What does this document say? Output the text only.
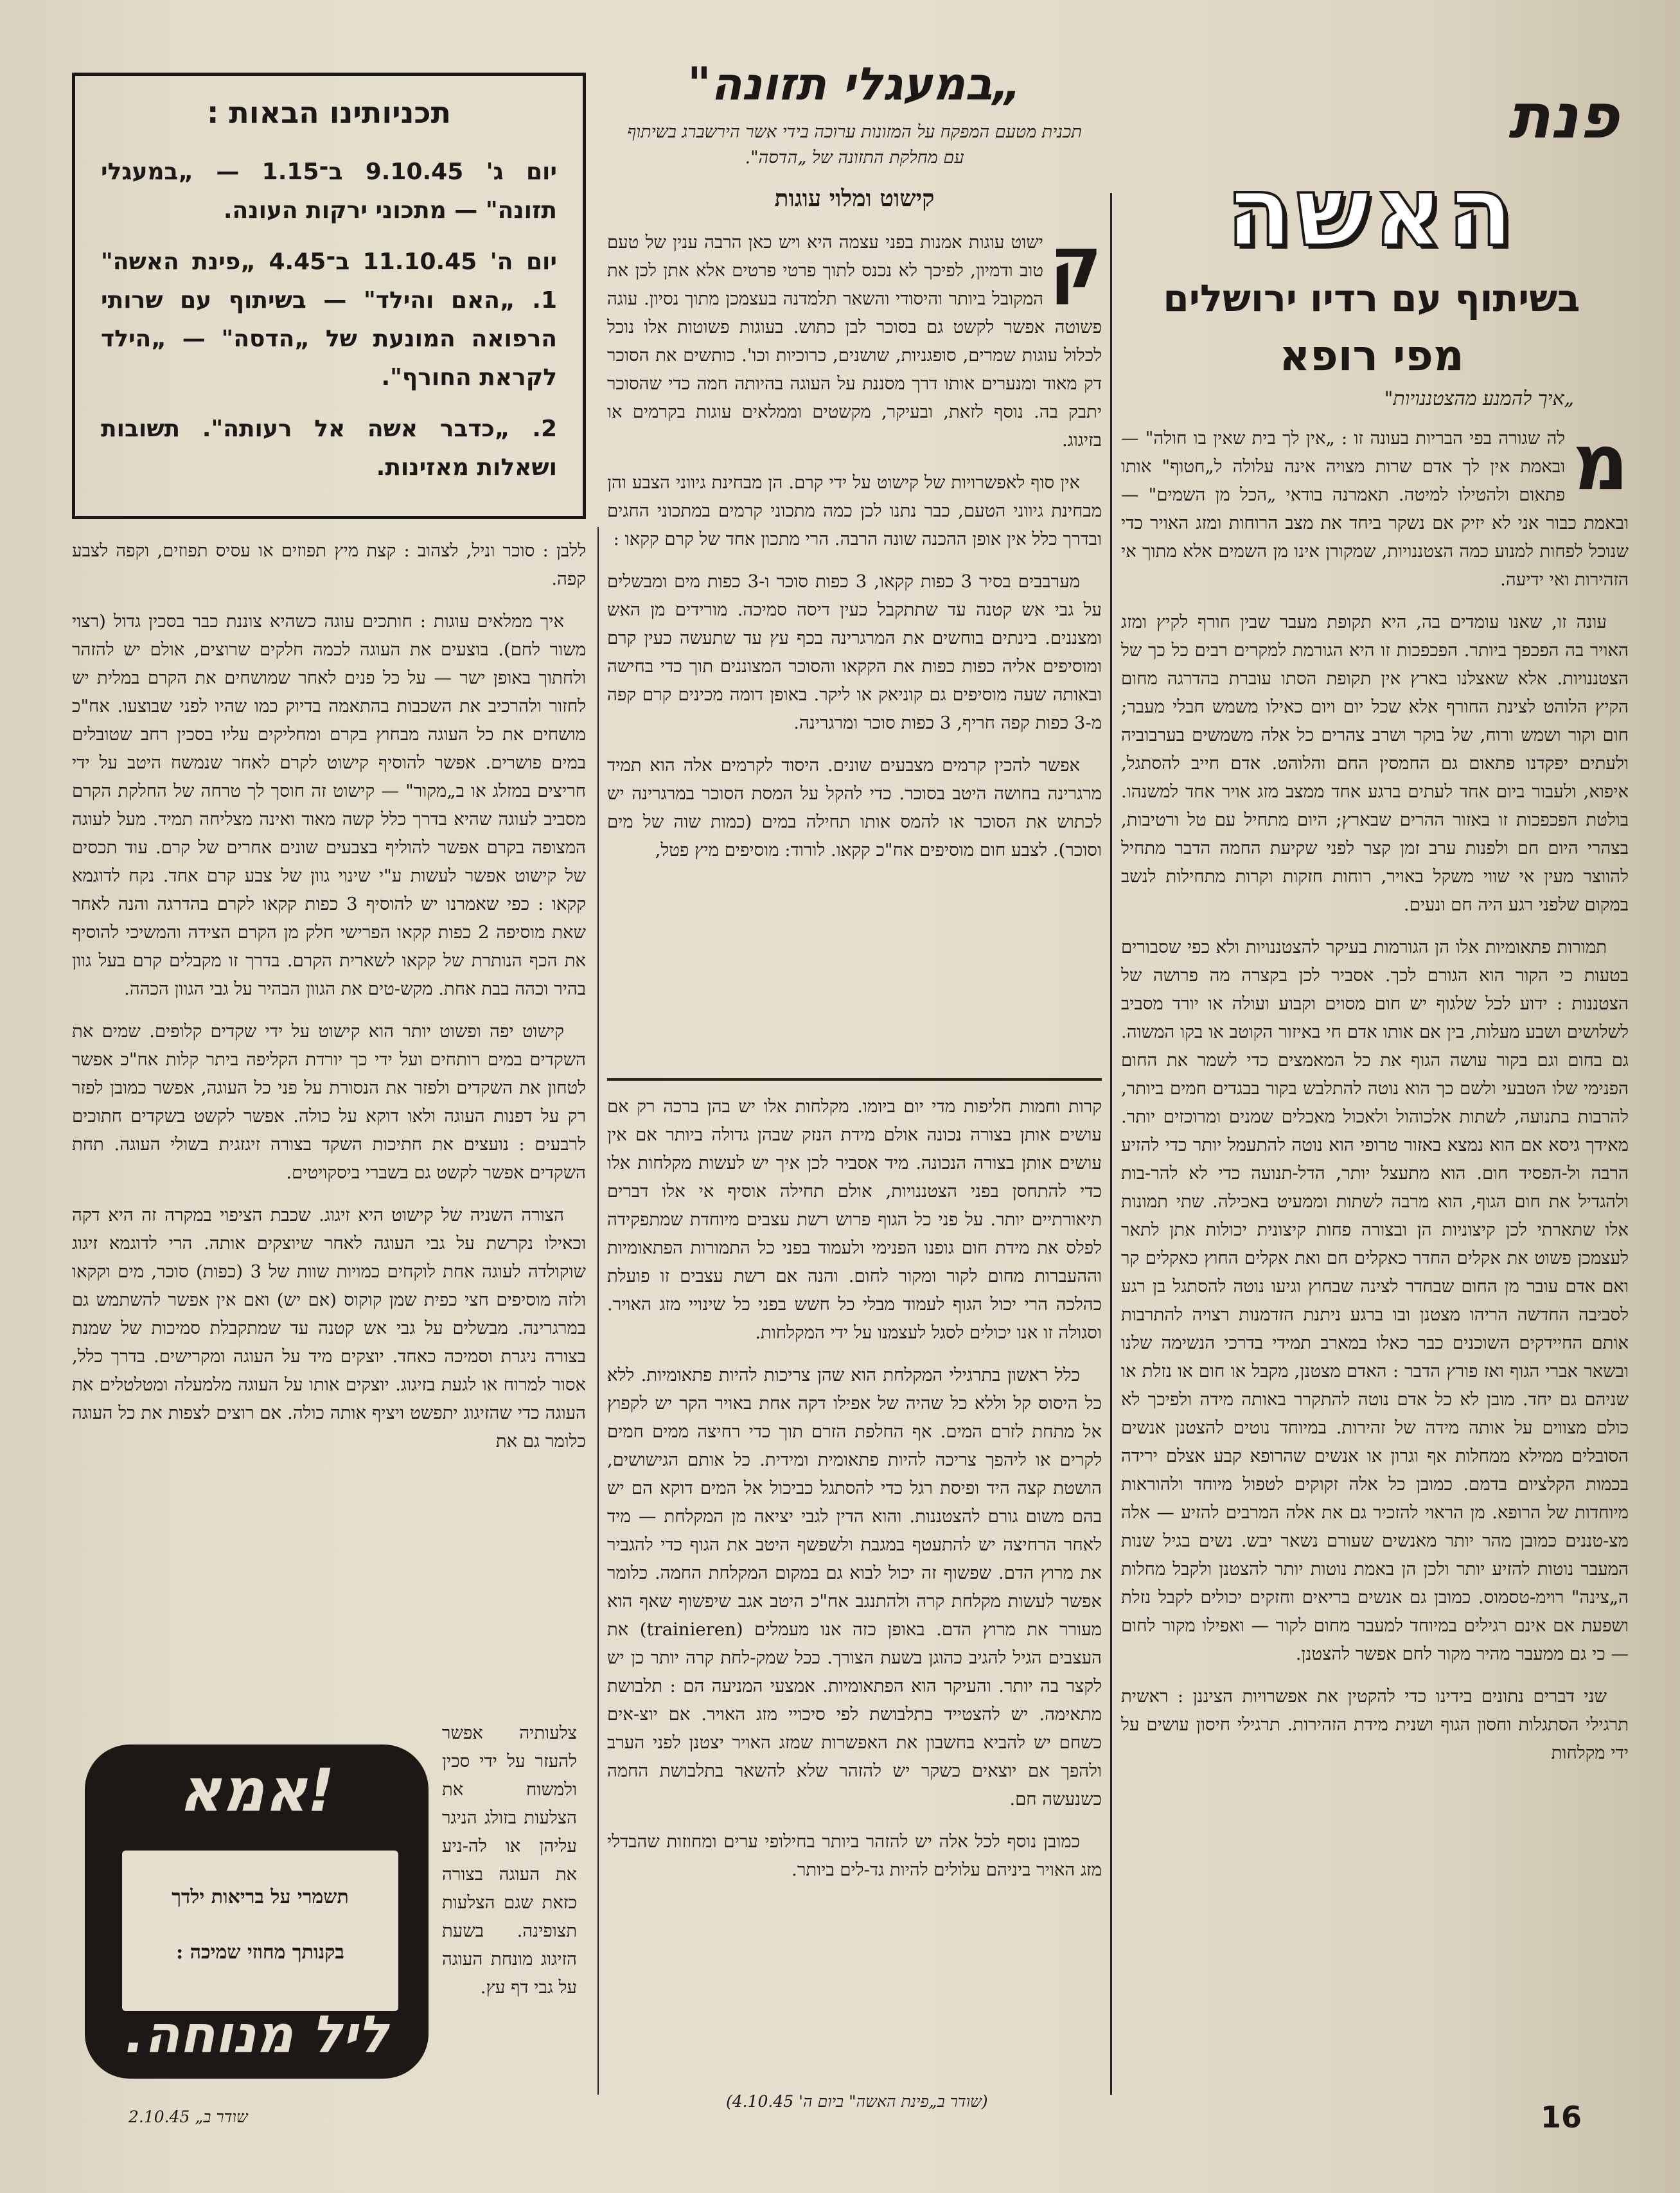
פנת
האשה
בשיתוף עם רדיו ירושלים
מפי רופא
„איך להמנע מהצטננויות"
מ

לה שגורה בפי הבריות בעונה זו : „אין לך בית שאין בו חולה" — ובאמת אין לך אדם שרות מצויה אינה עלולה ל„חטוף" אותו פתאום ולהטילו למיטה. תאמרנה בודאי „הכל מן השמים" — ובאמת כבור אני לא יזיק אם נשקר ביחד את מצב הרוחות ומזג האויר כדי שנוכל לפחות למנוע כמה הצטננויות, שמקורן אינו מן השמים אלא מתוך אי הזהירות ואי ידיעה.

עונה זו, שאנו עומדים בה, היא תקופת מעבר שבין חורף לקיץ ומזג האויר בה הפכפך ביותר. הפכפכות זו היא הגורמת למקרים רבים כל כך של הצטננויות. אלא שאצלנו בארץ אין תקופת הסתו עוברת בהדרגה מחום הקיץ הלוהט לצינת החורף אלא שכל יום ויום כאילו משמש חבלי מעבר; חום וקור ושמש ורוח, של בוקר ושרב צהרים כל אלה משמשים בערבוביה ולעתים יפקדנו פתאום גם החמסין החם והלוהט. אדם חייב להסתגל, איפוא, ולעבור ביום אחד לעתים ברגע אחד ממצב מזג אויר אחד למשנהו. בולטת הפכפכות זו באזור ההרים שבארץ; היום מתחיל עם טל ורטיבות, בצהרי היום חם ולפנות ערב זמן קצר לפני שקיעת החמה הדבר מתחיל להווצר מעין אי שווי משקל באויר, רוחות חזקות וקרות מתחילות לנשב במקום שלפני רגע היה חם ונעים.

תמורות פתאומיות אלו הן הגורמות בעיקר להצטננויות ולא כפי שסבורים בטעות כי הקור הוא הגורם לכך. אסביר לכן בקצרה מה פרושה של הצטננות : ידוע לכל שלגוף יש חום מסוים וקבוע ועולה או יורד מסביב לשלושים ושבע מעלות, בין אם אותו אדם חי באיזור הקוטב או בקו המשוה. גם בחום וגם בקור עושה הגוף את כל המאמצים כדי לשמר את החום הפנימי שלו הטבעי ולשם כך הוא נוטה להתלבש בקור בבגדים חמים ביותר, להרבות בתנועה, לשתות אלכוהול ולאכול מאכלים שמנים ומרוכזים יותר. מאידך גיסא אם הוא נמצא באזור טרופי הוא נוטה להתעמל יותר כדי להזיע הרבה ול-הפסיד חום. הוא מתעצל יותר, הדל-תנועה כדי לא להר-בות ולהגדיל את חום הגוף, הוא מרבה לשתות וממעיט באכילה. שתי תמונות אלו שתארתי לכן קיצוניות הן ובצורה פחות קיצונית יכולות אתן לתאר לעצמכן פשוט את אקלים החדר כאקלים חם ואת אקלים החוץ כאקלים קר ואם אדם עובר מן החום שבחדר לצינה שבחוץ וגיעו נוטה להסתגל בן רגע לסביבה החדשה הריהו מצטנן ובו ברגע ניתנת הזדמנות רצויה להתרבות אותם החיידקים השוכנים כבר כאלו במארב תמידי בדרכי הנשימה שלנו ובשאר אברי הגוף ואז פורץ הדבר : האדם מצטנן, מקבל או חום או נזלת או שניהם גם יחד. מובן לא כל אדם נוטה להתקרר באותה מידה ולפיכך לא כולם מצווים על אותה מידה של זהירות. במיוחד נוטים להצטנן אנשים הסובלים ממילא ממחלות אף וגרון או אנשים שהרופא קבע אצלם ירידה בכמות הקלציום בדמם. כמובן כל אלה זקוקים לטפול מיוחד ולהוראות מיוחדות של הרופא. מן הראוי להזכיר גם את אלה המרבים להזיע — אלה מצ-טננים כמובן מהר יותר מאנשים שעורם נשאר יבש. נשים בגיל שנות המעבר נוטות להזיע יותר ולכן הן באמת נוטות יותר להצטנן ולקבל מחלות ה„צינה" רוימ-טסמוס. כמובן גם אנשים בריאים וחזקים יכולים לקבל נזלת ושפעת אם אינם רגילים במיוחד למעבר מחום לקור — ואפילו מקור לחום — כי גם ממעבר מהיר מקור לחם אפשר להצטנן.

שני דברים נתונים בידינו כדי להקטין את אפשרויות הציננן : ראשית תרגילי הסתגלות וחסון הגוף ושנית מידת הזהירות. תרגילי חיסון עושים על ידי מקלחות

„במעגלי תזונה"
תכנית מטעם המפקח על המזונות ערוכה בידי אשר הירשברג בשיתוף עם מחלקת התזונה של „הדסה".
קישוט ומלוי עוגות
ק

ישוט עוגות אמנות בפני עצמה היא ויש כאן הרבה ענין של טעם טוב ודמיון, לפיכך לא נכנס לתוך פרטי פרטים אלא אתן לכן את המקובל ביותר והיסודי והשאר תלמדנה בעצמכן מתוך נסיון. עוגה פשוטה אפשר לקשט גם בסוכר לבן כתוש. בעוגות פשוטות אלו נוכל לכלול עוגות שמרים, סופגניות, שושנים, כרוכיות וכו'. כותשים את הסוכר דק מאוד ומנערים אותו דרך מסננת על העוגה בהיותה חמה כדי שהסוכר יתבק בה. נוסף לזאת, ובעיקר, מקשטים וממלאים עוגות בקרמים או בזיגוג.

אין סוף לאפשרויות של קישוט על ידי קרם. הן מבחינת גיווני הצבע והן מבחינת גיווני הטעם, כבר נתנו לכן כמה מתכוני קרמים במתכוני החגים ובדרך כלל אין אופן ההכנה שונה הרבה. הרי מתכון אחד של קרם קקאו :

מערבבים בסיר 3 כפות קקאו, 3 כפות סוכר ו-3 כפות מים ומבשלים על גבי אש קטנה עד שתתקבל כעין דיסה סמיכה. מורידים מן האש ומצננים. בינתים בוחשים את המרגרינה בכף עץ עד שתעשה כעין קרם ומוסיפים אליה כפות כפות את הקקאו והסוכר המצוננים תוך כדי בחישה ובאותה שעה מוסיפים גם קוניאק או ליקר. באופן דומה מכינים קרם קפה מ-3 כפות קפה חריף, 3 כפות סוכר ומרגרינה.

אפשר להכין קרמים מצבעים שונים. היסוד לקרמים אלה הוא תמיד מרגרינה בחושה היטב בסוכר. כדי להקל על המסת הסוכר במרגרינה יש לכתוש את הסוכר או להמס אותו תחילה במים (כמות שוה של מים וסוכר). לצבע חום מוסיפים אח"כ קקאו. לורוד: מוסיפים מיץ פטל,

קרות וחמות חליפות מדי יום ביומו. מקלחות אלו יש בהן ברכה רק אם עושים אותן בצורה נכונה אולם מידת הנזק שבהן גדולה ביותר אם אין עושים אותן בצורה הנכונה. מיד אסביר לכן איך יש לעשות מקלחות אלו כדי להתחסן בפני הצטננויות, אולם תחילה אוסיף אי אלו דברים תיאורתיים יותר. על פני כל הגוף פרוש רשת עצבים מיוחדת שמתפקידה לפלס את מידת חום גופנו הפנימי ולעמוד בפני כל התמורות הפתאומיות וההעברות מחום לקור ומקור לחום. והנה אם רשת עצבים זו פועלת כהלכה הרי יכול הגוף לעמוד מבלי כל חשש בפני כל שינויי מזג האויר. וסגולה זו אנו יכולים לסגל לעצמנו על ידי המקלחות.

כלל ראשון בתרגילי המקלחת הוא שהן צריכות להיות פתאומיות. ללא כל היסוס קל וללא כל שהיה של אפילו דקה אחת באויר הקר יש לקפוץ אל מתחת לזרם המים. אף החלפת הזרם תוך כדי רחיצה ממים חמים לקרים או ליהפך צריכה להיות פתאומית ומידית. כל אותם הגישושים, הושטת קצה היד ופיסת רגל כדי להסתגל כביכול אל המים דוקא הם יש בהם משום גורם להצטננות. והוא הדין לגבי יציאה מן המקלחת — מיד לאחר הרחיצה יש להתעטף במגבת ולשפשף היטב את הגוף כדי להגביר את מרוץ הדם. שפשוף זה יכול לבוא גם במקום המקלחת החמה. כלומר אפשר לעשות מקלחת קרה ולהתנגב אח"כ היטב אגב שיפשוף שאף הוא מעורר את מרוץ הדם. באופן כזה אנו מעמלים (trainieren) את העצבים הגיל להגיב כהוגן בשעת הצורך. ככל שמק-לחת קרה יותר כן יש לקצר בה יותר. והעיקר הוא הפתאומיות. אמצעי המניעה הם : תלבושת מתאימה. יש להצטייד בתלבושת לפי סיכויי מזג האויר. אם יוצ-אים כשחם יש להביא בחשבון את האפשרות שמזג האויר יצטנן לפני הערב ולהפך אם יוצאים כשקר יש להזהר שלא להשאר בתלבושת החמה כשנעשה חם.

כמובן נוסף לכל אלה יש להזהר ביותר בחילופי ערים ומחוזות שהבדלי מזג האויר ביניהם עלולים להיות גד-לים ביותר.

(שודר ב„פינת האשה" ביום ה' 4.10.45)
תכניותינו הבאות :
יום ג' 9.10.45 ב־1.15 — „במעגלי תזונה" — מתכוני ירקות העונה.
יום ה' 11.10.45 ב־4.45 „פינת האשה" 1. „האם והילד" — בשיתוף עם שרותי הרפואה המונעת של „הדסה" — „הילד לקראת החורף".
2. „כדבר אשה אל רעותה". תשובות ושאלות מאזינות.

ללבן : סוכר וניל, לצהוב : קצת מיץ תפוזים או עסיס תפוזים, וקפה לצבע קפה.

איך ממלאים עוגות : חותכים עוגה כשהיא צוננת כבר בסכין גדול (רצוי משור לחם). בוצעים את העוגה לכמה חלקים שרוצים, אולם יש להזהר ולחתוך באופן ישר — על כל פנים לאחר שמושחים את הקרם במלית יש לחזור ולהרכיב את השכבות בהתאמה בדיוק כמו שהיו לפני שבוצעו. אח"כ מושחים את כל העוגה מבחוץ בקרם ומחליקים עליו בסכין רחב שטובלים במים פושרים. אפשר להוסיף קישוט לקרם לאחר שנמשח היטב על ידי חריצים במזלג או ב„מקור" — קישוט זה חוסך לך טרחה של החלקת הקרם מסביב לעוגה שהיא בדרך כלל קשה מאוד ואינה מצליחה תמיד. מעל לעוגה המצופה בקרם אפשר להוליף בצבעים שונים אחרים של קרם. עוד תכסים של קישוט אפשר לעשות ע"י שינוי גוון של צבע קרם אחד. נקח לדוגמא קקאו : כפי שאמרנו יש להוסיף 3 כפות קקאו לקרם בהדרגה והנה לאחר שאת מוסיפה 2 כפות קקאו הפרישי חלק מן הקרם הצידה והמשיכי להוסיף את הכף הנותרת של קקאו לשארית הקרם. בדרך זו מקבלים קרם בעל גוון בהיר וכהה בבת אחת. מקש-טים את הגוון הבהיר על גבי הגוון הכהה.

קישוט יפה ופשוט יותר הוא קישוט על ידי שקדים קלופים. שמים את השקדים במים רותחים ועל ידי כך יורדת הקליפה ביתר קלות אח"כ אפשר לטחון את השקדים ולפזר את הנסורת על פני כל העוגה, אפשר כמובן לפזר רק על דפנות העוגה ולאו דוקא על כולה. אפשר לקשט בשקדים חתוכים לרבעים : נועצים את חתיכות השקד בצורה זיגזגית בשולי העוגה. תחת השקדים אפשר לקשט גם בשברי ביסקויטים.

הצורה השניה של קישוט היא זיגוג. שכבת הציפוי במקרה זה היא דקה וכאילו נקרשת על גבי העוגה לאחר שיוצקים אותה. הרי לדוגמא זיגוג שוקולדה לעוגה אחת לוקחים כמויות שוות של 3 (כפות) סוכר, מים וקקאו ולזה מוסיפים חצי כפית שמן קוקוס (אם יש) ואם אין אפשר להשתמש גם במרגרינה. מבשלים על גבי אש קטנה עד שמתקבלת סמיכות של שמנת בצורה ניגרת וסמיכה כאחד. יוצקים מיד על העוגה ומקרישים. בדרך כלל, אסור למרוח או לגעת בזיגוג. יוצקים אותו על העוגה מלמעלה ומטלטלים את העוגה כדי שהזיגוג יתפשט ויציף אותה כולה. אם רוצים לצפות את כל העוגה כלומר גם את

צלעותיה אפשר להעזר על ידי סכין ולמשוח את הצלעות בזולג הניגר עליהן או לה-ניע את העוגה בצורה כזאת שגם הצלעות תצופינה. בשעת הזיגוג מונחת העוגה על גבי דף עץ.

!אמא
תשמרי על בריאות ילדך
בקנותך מחוזי שמיכה :
ליל מנוחה.
שודר ב„ 2.10.45	16
